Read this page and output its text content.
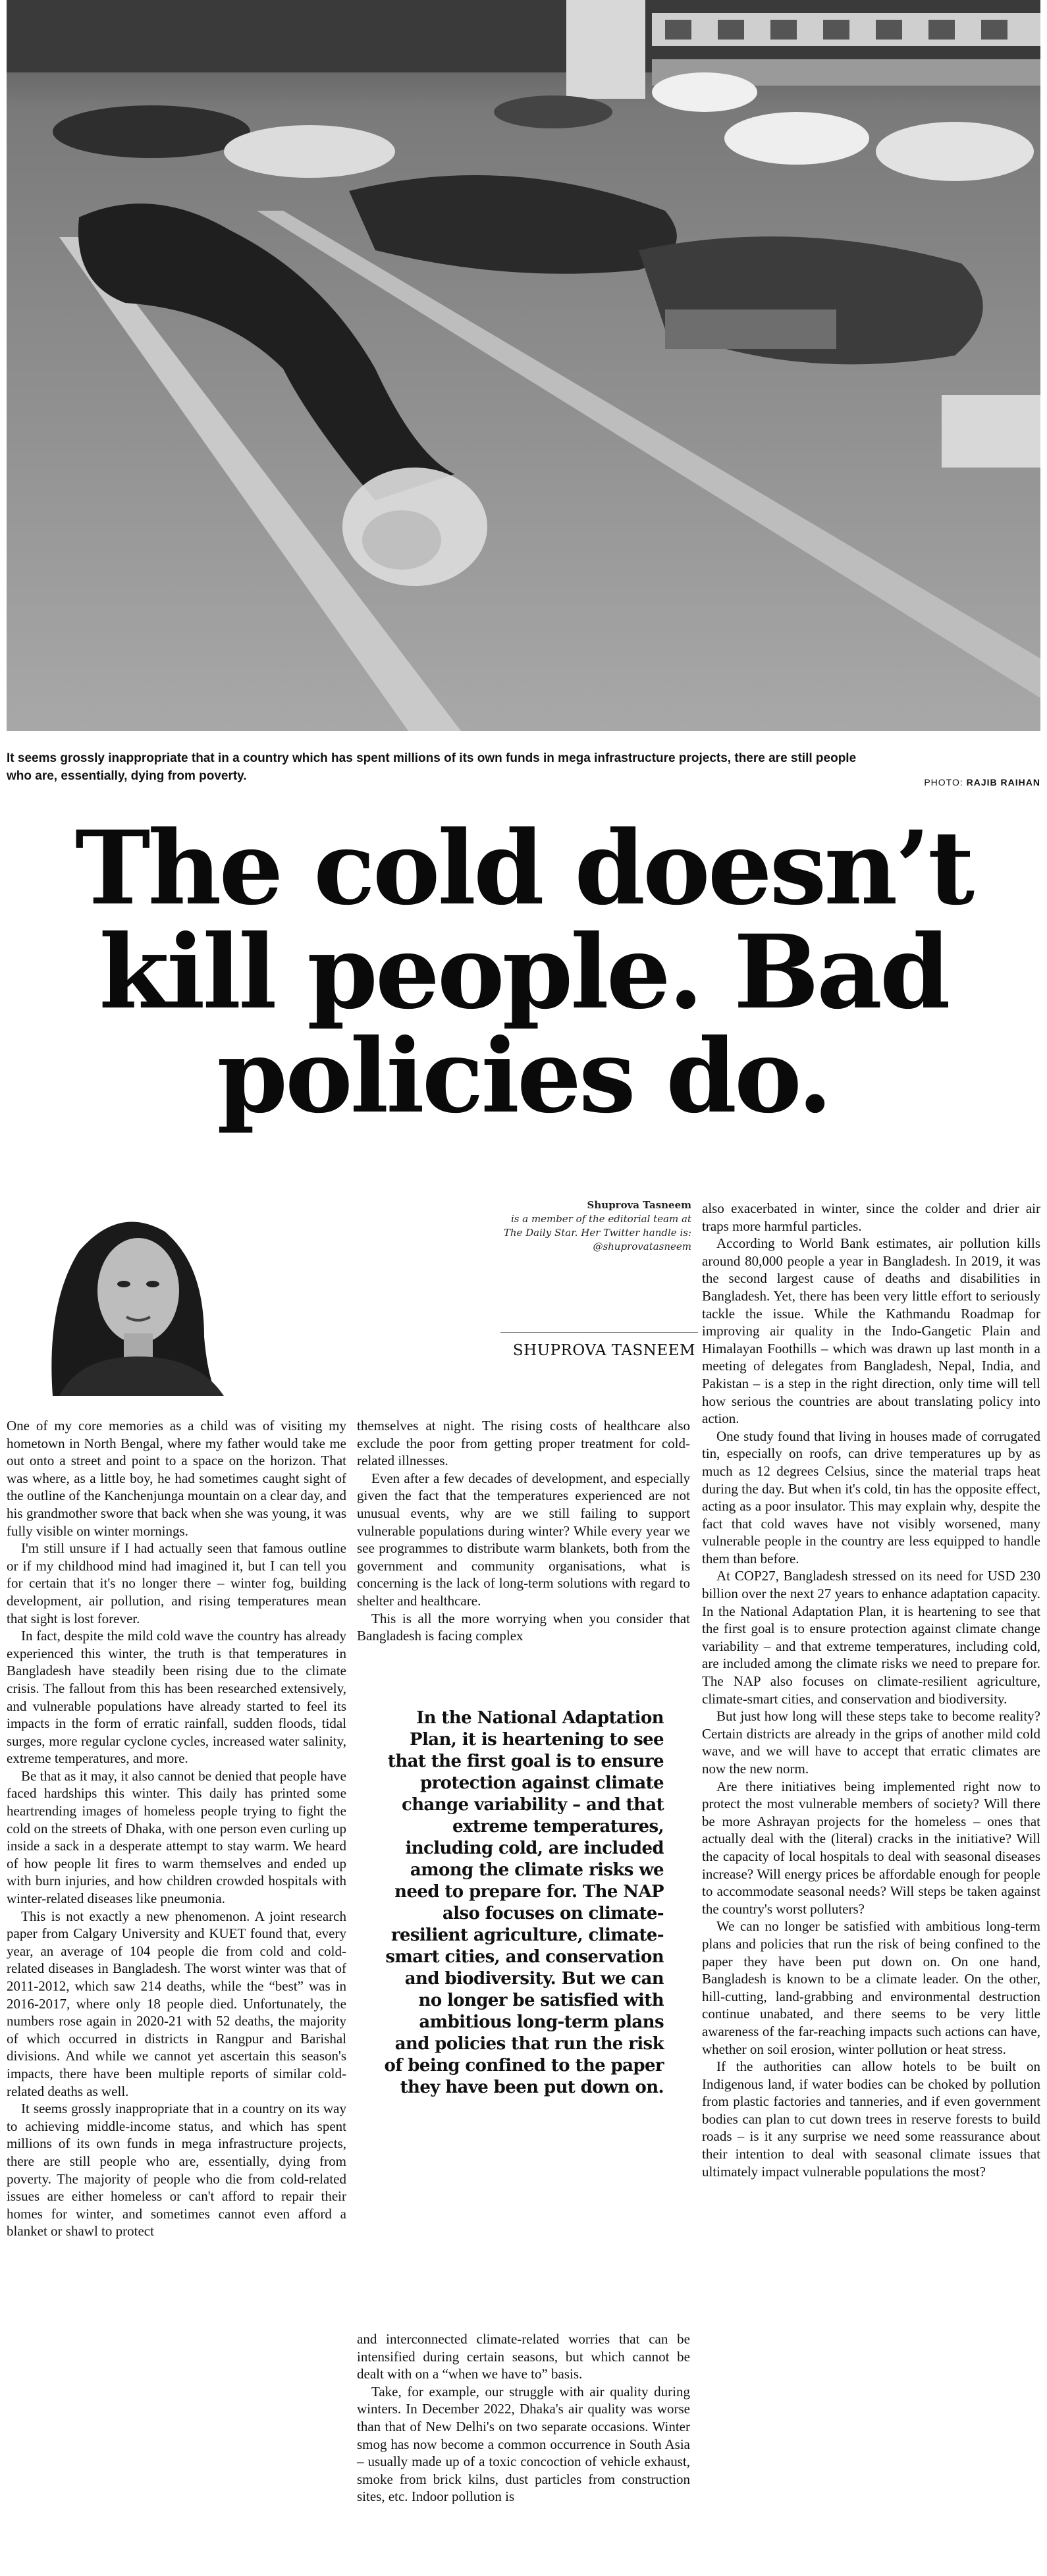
It seems grossly inappropriate that in a country which has spent millions of its own funds in mega infrastructure projects, there are still people who are, essentially, dying from poverty.	PHOTO: RAJIB RAIHAN
The cold doesn’t kill people. Bad policies do.
Shuprova Tasneem
is a member of the editorial team at The Daily Star. Her Twitter handle is: @shuprovatasneem
SHUPROVA TASNEEM

One of my core memories as a child was of visiting my hometown in North Bengal, where my father would take me out onto a street and point to a space on the horizon. That was where, as a little boy, he had sometimes caught sight of the outline of the Kanchenjunga mountain on a clear day, and his grandmother swore that back when she was young, it was fully visible on winter mornings.

I'm still unsure if I had actually seen that famous outline or if my childhood mind had imagined it, but I can tell you for certain that it's no longer there – winter fog, building development, air pollution, and rising temperatures mean that sight is lost forever.

In fact, despite the mild cold wave the country has already experienced this winter, the truth is that temperatures in Bangladesh have steadily been rising due to the climate crisis. The fallout from this has been researched extensively, and vulnerable populations have already started to feel its impacts in the form of erratic rainfall, sudden floods, tidal surges, more regular cyclone cycles, increased water salinity, extreme temperatures, and more.

Be that as it may, it also cannot be denied that people have faced hardships this winter. This daily has printed some heartrending images of homeless people trying to fight the cold on the streets of Dhaka, with one person even curling up inside a sack in a desperate attempt to stay warm. We heard of how people lit fires to warm themselves and ended up with burn injuries, and how children crowded hospitals with winter-related diseases like pneumonia.

This is not exactly a new phenomenon. A joint research paper from Calgary University and KUET found that, every year, an average of 104 people die from cold and cold-related diseases in Bangladesh. The worst winter was that of 2011-2012, which saw 214 deaths, while the “best” was in 2016-2017, where only 18 people died. Unfortunately, the numbers rose again in 2020-21 with 52 deaths, the majority of which occurred in districts in Rangpur and Barishal divisions. And while we cannot yet ascertain this season's impacts, there have been multiple reports of similar cold-related deaths as well.

It seems grossly inappropriate that in a country on its way to achieving middle-income status, and which has spent millions of its own funds in mega infrastructure projects, there are still people who are, essentially, dying from poverty. The majority of people who die from cold-related issues are either homeless or can't afford to repair their homes for winter, and sometimes cannot even afford a blanket or shawl to protect

themselves at night. The rising costs of healthcare also exclude the poor from getting proper treatment for cold-related illnesses.

Even after a few decades of development, and especially given the fact that the temperatures experienced are not unusual events, why are we still failing to support vulnerable populations during winter? While every year we see programmes to distribute warm blankets, both from the government and community organisations, what is concerning is the lack of long-term solutions with regard to shelter and healthcare.

This is all the more worrying when you consider that Bangladesh is facing complex

In the National Adaptation Plan, it is heartening to see that the first goal is to ensure protection against climate change variability – and that extreme temperatures, including cold, are included among the climate risks we need to prepare for. The NAP also focuses on climate-resilient agriculture, climate-smart cities, and conservation and biodiversity. But we can no longer be satisfied with ambitious long-term plans and policies that run the risk of being confined to the paper they have been put down on.

and interconnected climate-related worries that can be intensified during certain seasons, but which cannot be dealt with on a “when we have to” basis.

Take, for example, our struggle with air quality during winters. In December 2022, Dhaka's air quality was worse than that of New Delhi's on two separate occasions. Winter smog has now become a common occurrence in South Asia – usually made up of a toxic concoction of vehicle exhaust, smoke from brick kilns, dust particles from construction sites, etc. Indoor pollution is

also exacerbated in winter, since the colder and drier air traps more harmful particles.

According to World Bank estimates, air pollution kills around 80,000 people a year in Bangladesh. In 2019, it was the second largest cause of deaths and disabilities in Bangladesh. Yet, there has been very little effort to seriously tackle the issue. While the Kathmandu Roadmap for improving air quality in the Indo-Gangetic Plain and Himalayan Foothills – which was drawn up last month in a meeting of delegates from Bangladesh, Nepal, India, and Pakistan – is a step in the right direction, only time will tell how serious the countries are about translating policy into action.

One study found that living in houses made of corrugated tin, especially on roofs, can drive temperatures up by as much as 12 degrees Celsius, since the material traps heat during the day. But when it's cold, tin has the opposite effect, acting as a poor insulator. This may explain why, despite the fact that cold waves have not visibly worsened, many vulnerable people in the country are less equipped to handle them than before.

At COP27, Bangladesh stressed on its need for USD 230 billion over the next 27 years to enhance adaptation capacity. In the National Adaptation Plan, it is heartening to see that the first goal is to ensure protection against climate change variability – and that extreme temperatures, including cold, are included among the climate risks we need to prepare for. The NAP also focuses on climate-resilient agriculture, climate-smart cities, and conservation and biodiversity.

But just how long will these steps take to become reality? Certain districts are already in the grips of another mild cold wave, and we will have to accept that erratic climates are now the new norm.

Are there initiatives being implemented right now to protect the most vulnerable members of society? Will there be more Ashrayan projects for the homeless – ones that actually deal with the (literal) cracks in the initiative? Will the capacity of local hospitals to deal with seasonal diseases increase? Will energy prices be affordable enough for people to accommodate seasonal needs? Will steps be taken against the country's worst polluters?

We can no longer be satisfied with ambitious long-term plans and policies that run the risk of being confined to the paper they have been put down on. On one hand, Bangladesh is known to be a climate leader. On the other, hill-cutting, land-grabbing and environmental destruction continue unabated, and there seems to be very little awareness of the far-reaching impacts such actions can have, whether on soil erosion, winter pollution or heat stress.

If the authorities can allow hotels to be built on Indigenous land, if water bodies can be choked by pollution from plastic factories and tanneries, and if even government bodies can plan to cut down trees in reserve forests to build roads – is it any surprise we need some reassurance about their intention to deal with seasonal climate issues that ultimately impact vulnerable populations the most?
